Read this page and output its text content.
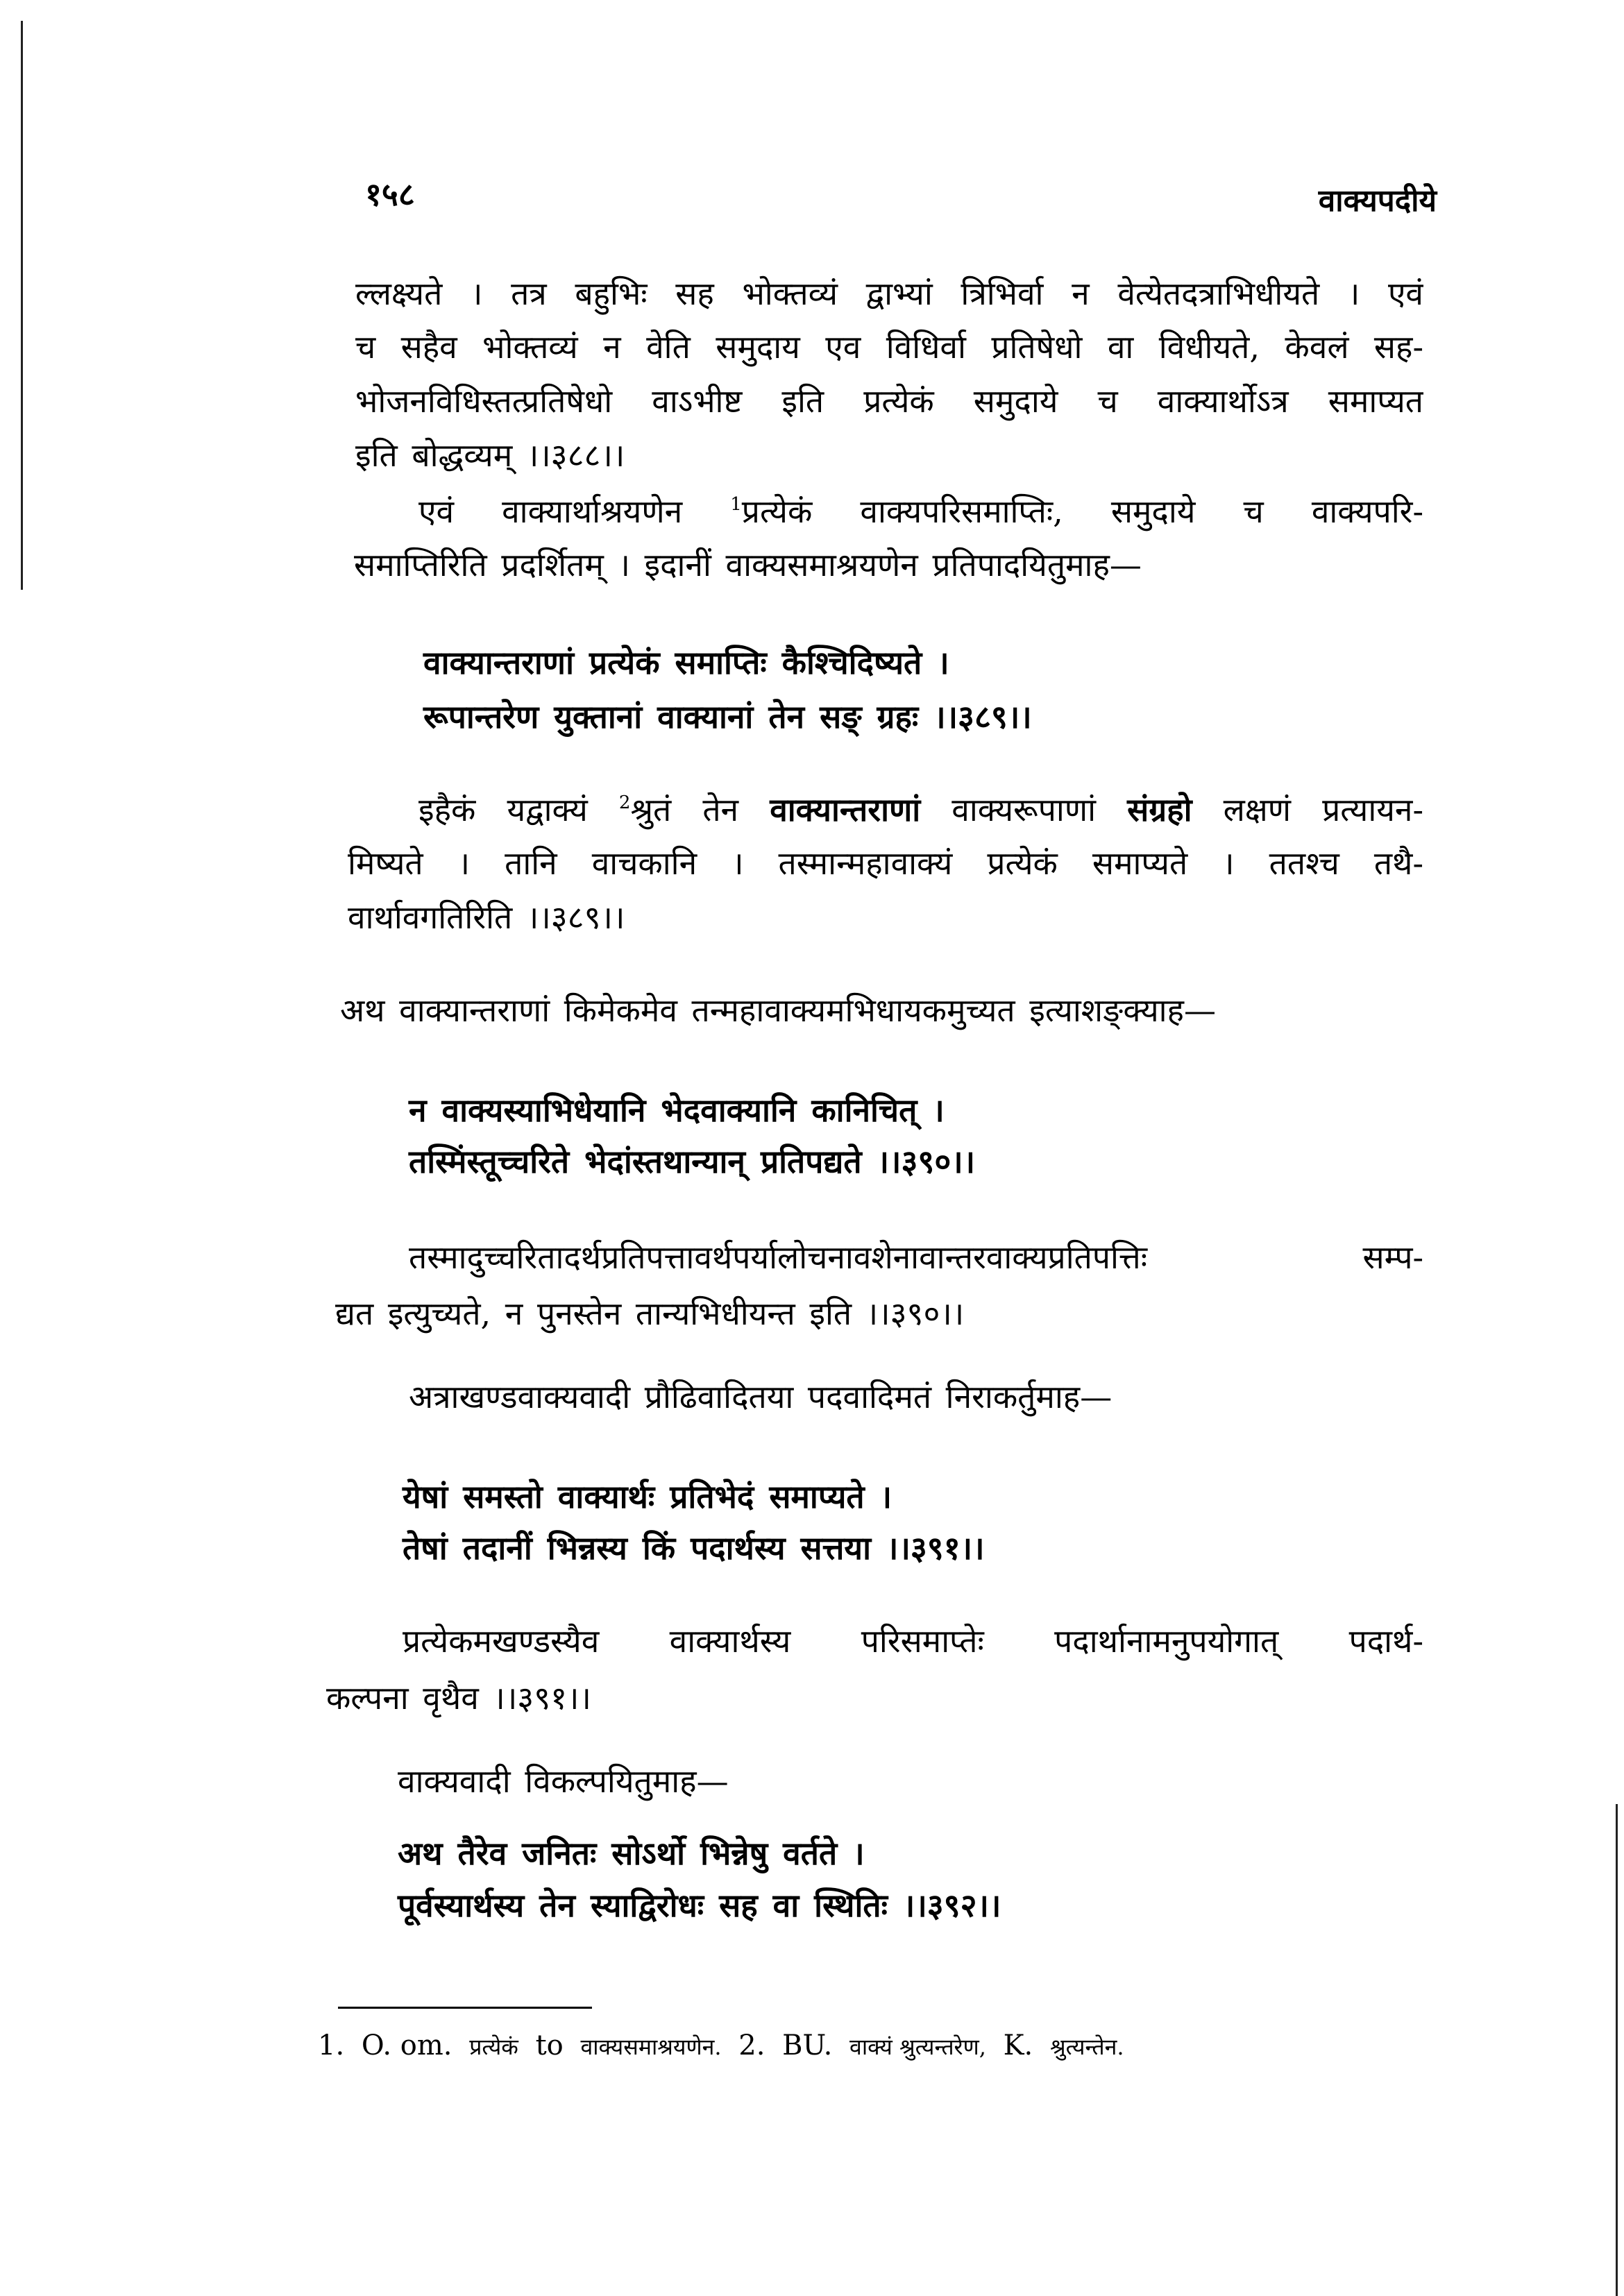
१५८	वाक्यपदीये
ल्लक्ष्यते । तत्र बहुभिः सह भोक्तव्यं द्वाभ्यां त्रिभिर्वा न वेत्येतदत्राभिधीयते । एवं
च सहैव भोक्तव्यं न वेति समुदाय एव विधिर्वा प्रतिषेधो वा विधीयते, केवलं सह-
भोजनविधिस्तत्प्रतिषेधो वाऽभीष्ट इति प्रत्येकं समुदाये च वाक्यार्थोऽत्र समाप्यत
इति बोद्धव्यम् ।।३८८।।
एवं वाक्यार्थाश्रयणेन $^1$प्रत्येकं वाक्यपरिसमाप्तिः, समुदाये च वाक्यपरि-
समाप्तिरिति प्रदर्शितम् । इदानीं वाक्यसमाश्रयणेन प्रतिपादयितुमाह—
वाक्यान्तराणां प्रत्येकं समाप्तिः कैश्चिदिष्यते ।
रूपान्तरेण युक्तानां वाक्यानां तेन सङ् ग्रहः ।।३८९।।
इहैकं यद्वाक्यं $^2$श्रुतं तेन वाक्यान्तराणां वाक्यरूपाणां संग्रहो लक्षणं प्रत्यायन-
मिष्यते । तानि वाचकानि । तस्मान्महावाक्यं प्रत्येकं समाप्यते । ततश्च तथै-
वार्थावगतिरिति ।।३८९।।
अथ वाक्यान्तराणां किमेकमेव तन्महावाक्यमभिधायकमुच्यत इत्याशङ्क्याह—
न वाक्यस्याभिधेयानि भेदवाक्यानि कानिचित् ।
तस्मिंस्तूच्चरिते भेदांस्तथान्यान् प्रतिपद्यते ।।३९०।।
तस्मादुच्चरितादर्थप्रतिपत्तावर्थपर्यालोचनावशेनावान्तरवाक्यप्रतिपत्तिः सम्प-
द्यत इत्युच्यते, न पुनस्तेन तान्यभिधीयन्त इति ।।३९०।।
अत्राखण्डवाक्यवादी प्रौढिवादितया पदवादिमतं निराकर्तुमाह—
येषां समस्तो वाक्यार्थः प्रतिभेदं समाप्यते ।
तेषां तदानीं भिन्नस्य किं पदार्थस्य सत्तया ।।३९१।।
प्रत्येकमखण्डस्यैव वाक्यार्थस्य परिसमाप्तेः पदार्थानामनुपयोगात् पदार्थ-
कल्पना वृथैव ।।३९१।।
वाक्यवादी विकल्पयितुमाह—
अथ तैरेव जनितः सोऽर्थो भिन्नेषु वर्तते ।
पूर्वस्यार्थस्य तेन स्याद्विरोधः सह वा स्थितिः ।।३९२।।
1. O. om. प्रत्येकं to वाक्यसमाश्रयणेन. 2. BU. वाक्यं श्रुत्यन्तरेण, K. श्रुत्यन्तेन.
